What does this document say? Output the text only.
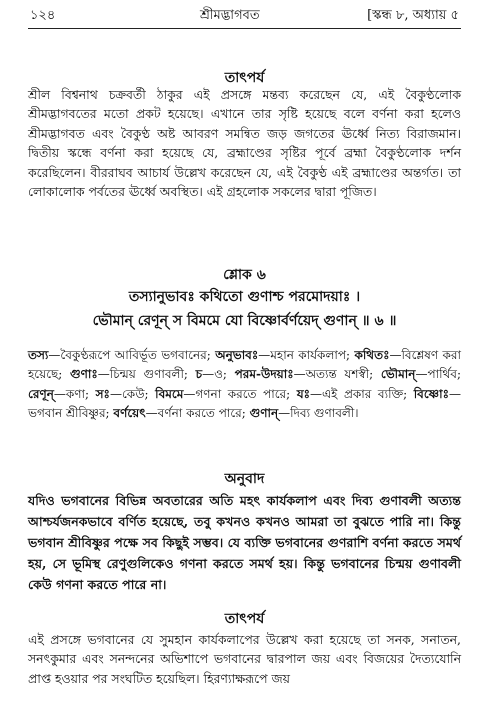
১২৪	শ্রীমদ্ভাগবত	[স্কন্ধ ৮, অধ্যায় ৫
তাৎপর্য
শ্রীল বিশ্বনাথ চক্রবর্তী ঠাকুর এই প্রসঙ্গে মন্তব্য করেছেন যে, এই বৈকুণ্ঠলোক শ্রীমদ্ভাগবতের মতো প্রকট হয়েছে। এখানে তার সৃষ্টি হয়েছে বলে বর্ণনা করা হলেও শ্রীমদ্ভাগবত এবং বৈকুণ্ঠ অষ্ট আবরণ সমন্বিত জড় জগতের ঊর্ধ্বে নিত্য বিরাজমান। দ্বিতীয় স্কন্ধে বর্ণনা করা হয়েছে যে, ব্রহ্মাণ্ডের সৃষ্টির পূর্বে ব্রহ্মা বৈকুণ্ঠলোক দর্শন করেছিলেন। বীররাঘব আচার্য উল্লেখ করেছেন যে, এই বৈকুণ্ঠ এই ব্রহ্মাণ্ডের অন্তর্গত। তা লোকালোক পর্বতের ঊর্ধ্বে অবস্থিত। এই গ্রহলোক সকলের দ্বারা পূজিত।
শ্লোক ৬
তস্যানুভাবঃ কথিতো গুণাশ্চ পরমোদয়াঃ ।
ভৌমান্ রেণূন্ স বিমমে যো বিষ্ণোর্বর্ণয়েদ্ গুণান্ ॥ ৬ ॥
তস্য—বৈকুণ্ঠরূপে আবির্ভূত ভগবানের; অনুভাবঃ—মহান কার্যকলাপ; কথিতঃ—বিশ্লেষণ করা হয়েছে; গুণাঃ—চিন্ময় গুণাবলী; চ—ও; পরম-উদয়াঃ—অত্যন্ত যশস্বী; ভৌমান্—পার্থিব; রেণূন্—কণা; সঃ—কেউ; বিমমে—গণনা করতে পারে; যঃ—এই প্রকার ব্যক্তি; বিষ্ণোঃ—ভগবান শ্রীবিষ্ণুর; বর্ণয়েৎ—বর্ণনা করতে পারে; গুণান্—দিব্য গুণাবলী।
অনুবাদ
যদিও ভগবানের বিভিন্ন অবতারের অতি মহৎ কার্যকলাপ এবং দিব্য গুণাবলী অত্যন্ত আশ্চর্যজনকভাবে বর্ণিত হয়েছে, তবু কখনও কখনও আমরা তা বুঝতে পারি না। কিন্তু ভগবান শ্রীবিষ্ণুর পক্ষে সব কিছুই সম্ভব। যে ব্যক্তি ভগবানের গুণরাশি বর্ণনা করতে সমর্থ হয়, সে ভূমিস্থ রেণুগুলিকেও গণনা করতে সমর্থ হয়। কিন্তু ভগবানের চিন্ময় গুণাবলী কেউ গণনা করতে পারে না।
তাৎপর্য
এই প্রসঙ্গে ভগবানের যে সুমহান কার্যকলাপের উল্লেখ করা হয়েছে তা সনক, সনাতন, সনৎকুমার এবং সনন্দনের অভিশাপে ভগবানের দ্বারপাল জয় এবং বিজয়ের দৈত্যযোনি প্রাপ্ত হওয়ার পর সংঘটিত হয়েছিল। হিরণ্যাক্ষরূপে জয়
